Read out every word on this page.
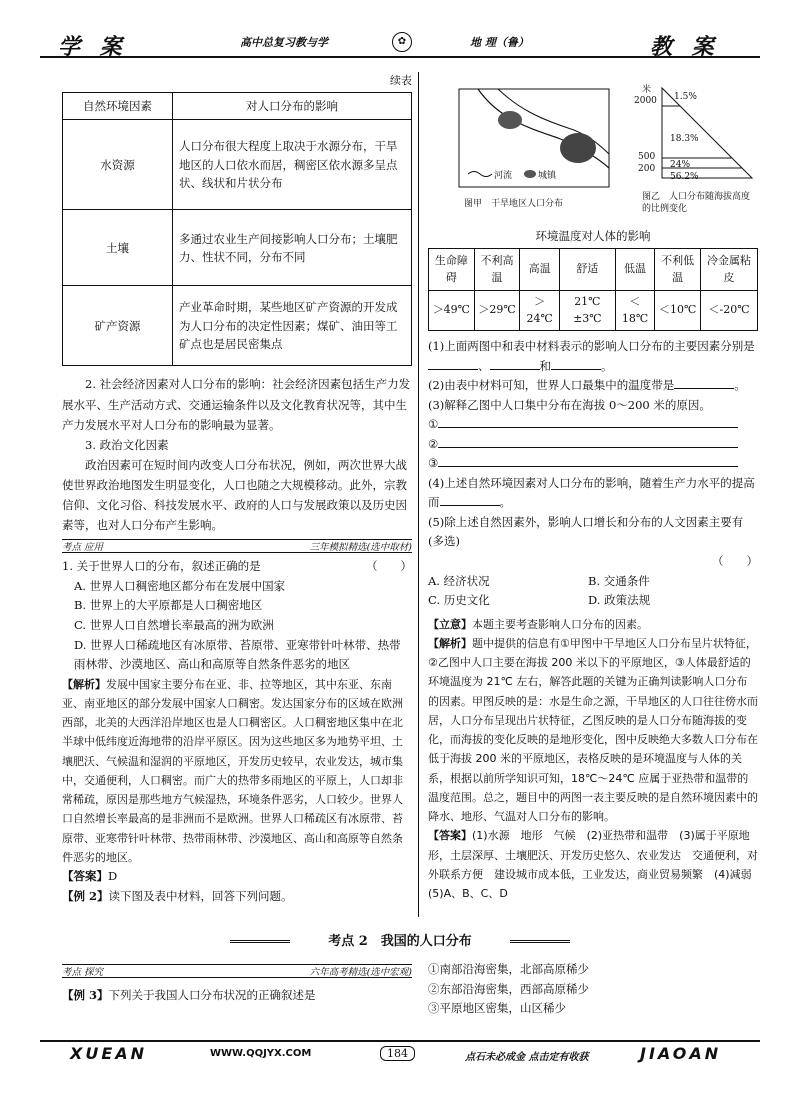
学 案	高中总复习教与学	✿	地 理（鲁）	教 案
续表
自然环境因素	对人口分布的影响
水资源	人口分布很大程度上取决于水源分布，干旱地区的人口依水而居，稠密区依水源多呈点状、线状和片状分布
土壤	多通过农业生产间接影响人口分布；土壤肥力、性状不同，分布不同
矿产资源	产业革命时期，某些地区矿产资源的开发成为人口分布的决定性因素；煤矿、油田等工矿点也是居民密集点

2. 社会经济因素对人口分布的影响：社会经济因素包括生产力发展水平、生产活动方式、交通运输条件以及文化教育状况等，其中生产力发展水平对人口分布的影响最为显著。

3. 政治文化因素

政治因素可在短时间内改变人口分布状况，例如，两次世界大战使世界政治地图发生明显变化，人口也随之大规模移动。此外，宗教信仰、文化习俗、科技发展水平、政府的人口与发展政策以及历史因素等，也对人口分布产生影响。

考点 应用	三年模拟精选(选中取材)
1. 关于世界人口的分布，叙述正确的是	（　　）
A. 世界人口稠密地区都分布在发展中国家
B. 世界上的大平原都是人口稠密地区
C. 世界人口自然增长率最高的洲为欧洲
D. 世界人口稀疏地区有冰原带、苔原带、亚寒带针叶林带、热带雨林带、沙漠地区、高山和高原等自然条件恶劣的地区
【解析】发展中国家主要分布在亚、非、拉等地区，其中东亚、东南亚、南亚地区的部分发展中国家人口稠密。发达国家分布的区域在欧洲西部，北美的大西洋沿岸地区也是人口稠密区。人口稠密地区集中在北半球中低纬度近海地带的沿岸平原区。因为这些地区多为地势平坦、土壤肥沃、气候温和湿润的平原地区，开发历史较早，农业发达，城市集中，交通便利，人口稠密。而广大的热带多雨地区的平原上，人口却非常稀疏，原因是那些地方气候湿热，环境条件恶劣，人口较少。世界人口自然增长率最高的是非洲而不是欧洲。世界人口稀疏区有冰原带、苔原带、亚寒带针叶林带、热带雨林带、沙漠地区、高山和高原等自然条件恶劣的地区。
【答案】D
【例 2】读下图及表中材料，回答下列问题。
河流	城镇
图甲　干旱地区人口分布
米
2000
500
200
1.5%
18.3%
24%
56.2%
图乙　人口分布随海拔高度的比例变化
环境温度对人体的影响
生命障碍	不利高温	高温	舒适	低温	不利低温	冷金属粘皮
＞49℃	＞29℃	＞24℃	21℃±3℃	＜18℃	＜10℃	＜-20℃
(1)上面两图中和表中材料表示的影响人口分布的主要因素分别是、	和	。
(2)由表中材料可知，世界人口最集中的温度带是	。
(3)解释乙图中人口集中分布在海拔 0～200 米的原因。
①
②
③
(4)上述自然环境因素对人口分布的影响，随着生产力水平的提高而	。
(5)除上述自然因素外，影响人口增长和分布的人文因素主要有(多选)
（　　）
A. 经济状况	B. 交通条件
C. 历史文化	D. 政策法规
【立意】本题主要考查影响人口分布的因素。
【解析】题中提供的信息有①甲图中干旱地区人口分布呈片状特征，②乙图中人口主要在海拔 200 米以下的平原地区，③人体最舒适的环境温度为 21℃ 左右，解答此题的关键为正确判读影响人口分布的因素。甲图反映的是：水是生命之源，干旱地区的人口往往傍水而居，人口分布呈现出片状特征，乙图反映的是人口分布随海拔的变化，而海拔的变化反映的是地形变化，图中反映绝大多数人口分布在低于海拔 200 米的平原地区，表格反映的是环境温度与人体的关系，根据以前所学知识可知，18℃～24℃ 应属于亚热带和温带的温度范围。总之，题目中的两图一表主要反映的是自然环境因素中的降水、地形、气温对人口分布的影响。
【答案】(1)水源　地形　气候　(2)亚热带和温带　(3)属于平原地形，土层深厚、土壤肥沃、开发历史悠久、农业发达　交通便利，对外联系方便　建设城市成本低，工业发达，商业贸易频繁　(4)减弱　(5)A、B、C、D
考点 2　我国的人口分布
考点 探究	六年高考精选(选中宏观)
【例 3】下列关于我国人口分布状况的正确叙述是
①南部沿海密集，北部高原稀少
②东部沿海密集，西部高原稀少
③平原地区密集，山区稀少
XUEAN	WWW.QQJYX.COM	184	点石未必成金 点击定有收获	JIAOAN
